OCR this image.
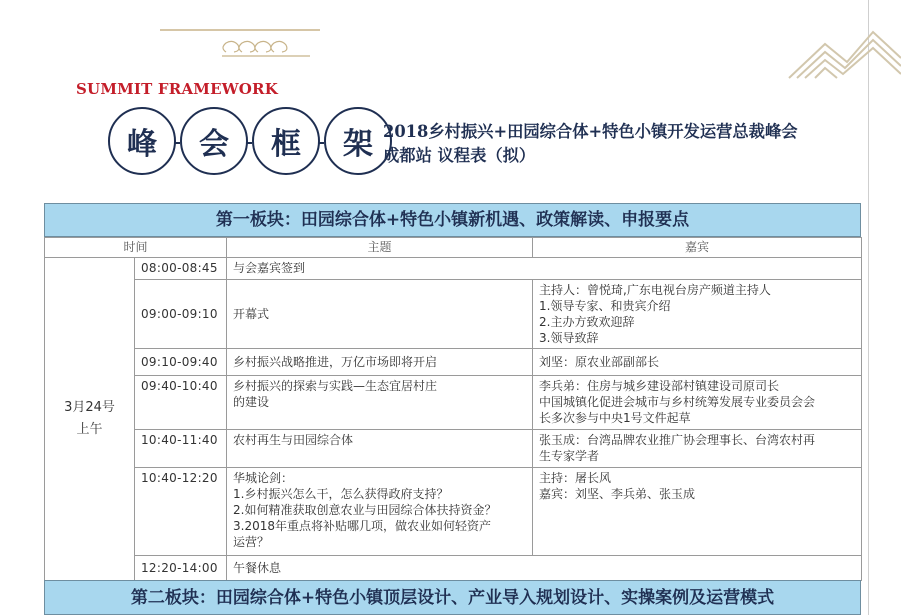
SUMMIT FRAMEWORK
峰	会	框	架 2018乡村振兴+田园综合体+特色小镇开发运营总裁峰会
成都站 议程表（拟）
第一板块：田园综合体+特色小镇新机遇、政策解读、申报要点
时间		主题	嘉宾
3月24号
上午	08:00-08:45	与会嘉宾签到	
	09:00-09:10	开幕式	主持人：曾悦琦,广东电视台房产频道主持人
1.领导专家、和贵宾介绍
2.主办方致欢迎辞
3.领导致辞
	09:10-09:40	乡村振兴战略推进，万亿市场即将开启	刘坚：原农业部副部长
	09:40-10:40	乡村振兴的探索与实践—生态宜居村庄
的建设	李兵弟：住房与城乡建设部村镇建设司原司长
中国城镇化促进会城市与乡村统筹发展专业委员会会
长多次参与中央1号文件起草
	10:40-11:40	农村再生与田园综合体	张玉成：台湾品牌农业推广协会理事长、台湾农村再
生专家学者
	10:40-12:20	华城论剑：
1.乡村振兴怎么干，怎么获得政府支持？
2.如何精准获取创意农业与田园综合体扶持资金？
3.2018年重点将补贴哪几项，做农业如何轻资产
运营？	主持：屠长风
嘉宾：刘坚、李兵弟、张玉成
	12:20-14:00	午餐休息	
第二板块：田园综合体+特色小镇顶层设计、产业导入规划设计、实操案例及运营模式
